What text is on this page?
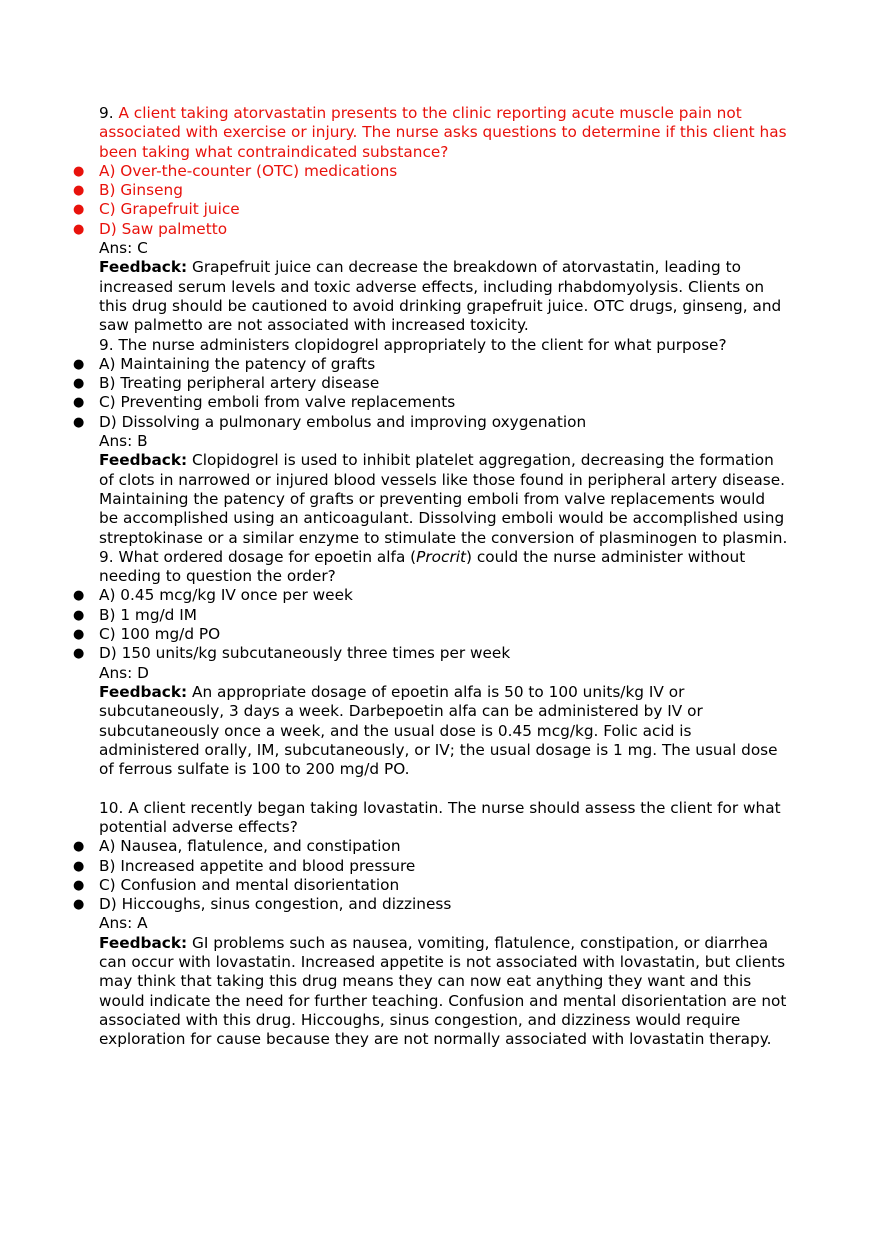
9. A client taking atorvastatin presents to the clinic reporting acute muscle pain not associated with exercise or injury. The nurse asks questions to determine if this client has been taking what contraindicated substance?
● A) Over-the-counter (OTC) medications
● B) Ginseng
● C) Grapefruit juice
● D) Saw palmetto
Ans: C
Feedback: Grapefruit juice can decrease the breakdown of atorvastatin, leading to increased serum levels and toxic adverse effects, including rhabdomyolysis. Clients on this drug should be cautioned to avoid drinking grapefruit juice. OTC drugs, ginseng, and saw palmetto are not associated with increased toxicity.
9. The nurse administers clopidogrel appropriately to the client for what purpose?
● A) Maintaining the patency of grafts
● B) Treating peripheral artery disease
● C) Preventing emboli from valve replacements
● D) Dissolving a pulmonary embolus and improving oxygenation
Ans: B
Feedback: Clopidogrel is used to inhibit platelet aggregation, decreasing the formation of clots in narrowed or injured blood vessels like those found in peripheral artery disease. Maintaining the patency of grafts or preventing emboli from valve replacements would be accomplished using an anticoagulant. Dissolving emboli would be accomplished using streptokinase or a similar enzyme to stimulate the conversion of plasminogen to plasmin.
9. What ordered dosage for epoetin alfa (Procrit) could the nurse administer without needing to question the order?
● A) 0.45 mcg/kg IV once per week
● B) 1 mg/d IM
● C) 100 mg/d PO
● D) 150 units/kg subcutaneously three times per week
Ans: D
Feedback: An appropriate dosage of epoetin alfa is 50 to 100 units/kg IV or subcutaneously, 3 days a week. Darbepoetin alfa can be administered by IV or subcutaneously once a week, and the usual dose is 0.45 mcg/kg. Folic acid is administered orally, IM, subcutaneously, or IV; the usual dosage is 1 mg. The usual dose of ferrous sulfate is 100 to 200 mg/d PO.
10. A client recently began taking lovastatin. The nurse should assess the client for what potential adverse effects?
● A) Nausea, flatulence, and constipation
● B) Increased appetite and blood pressure
● C) Confusion and mental disorientation
● D) Hiccoughs, sinus congestion, and dizziness
Ans: A
Feedback: GI problems such as nausea, vomiting, flatulence, constipation, or diarrhea can occur with lovastatin. Increased appetite is not associated with lovastatin, but clients may think that taking this drug means they can now eat anything they want and this would indicate the need for further teaching. Confusion and mental disorientation are not associated with this drug. Hiccoughs, sinus congestion, and dizziness would require exploration for cause because they are not normally associated with lovastatin therapy.
